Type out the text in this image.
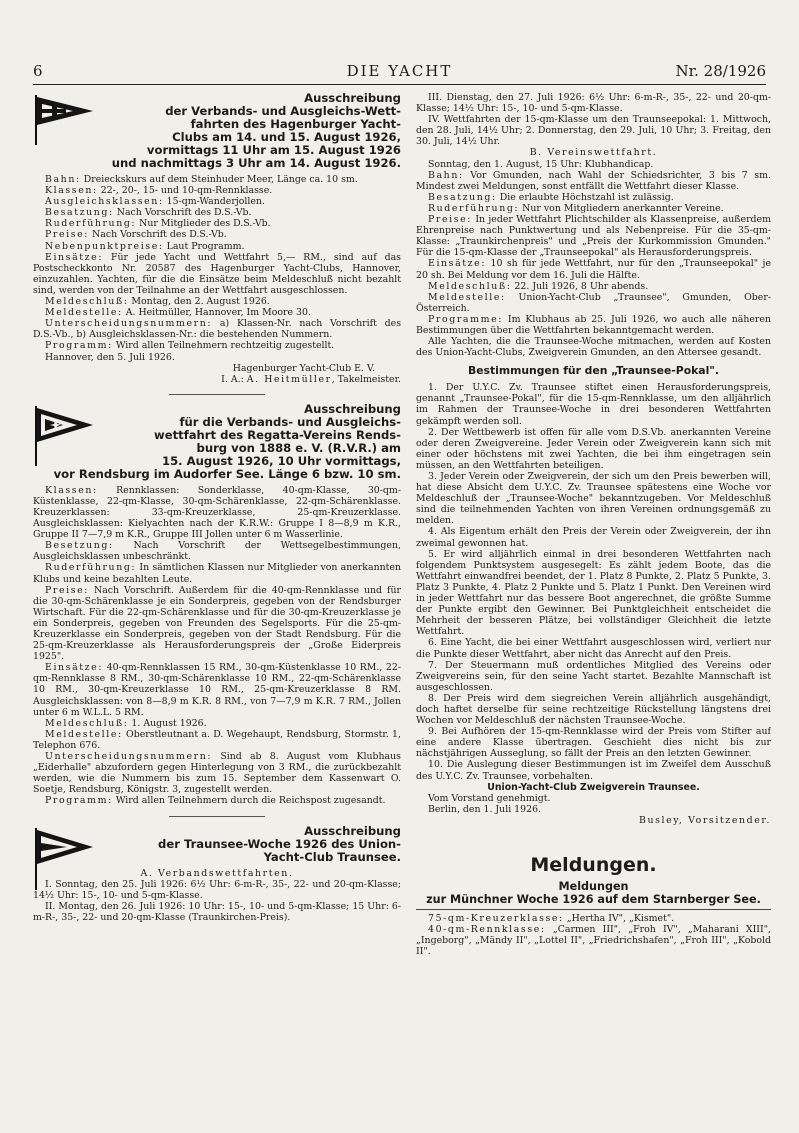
6	DIE YACHT	Nr. 28/1926
Ausschreibung
der Verbands- und Ausgleichs-Wett-
fahrten des Hagenburger Yacht-
Clubs am 14. und 15. August 1926,
vormittags 11 Uhr am 15. August 1926
und nachmittags 3 Uhr am 14. August 1926.

Bahn: Dreieckskurs auf dem Steinhuder Meer, Länge ca. 10 sm.

Klassen: 22-, 20-, 15- und 10-qm-Rennklasse.

Ausgleichsklassen: 15-qm-Wanderjollen.

Besatzung: Nach Vorschrift des D.S.-Vb.

Ruderführung: Nur Mitglieder des D.S.-Vb.

Preise: Nach Vorschrift des D.S.-Vb.

Nebenpunktpreise: Laut Programm.

Einsätze: Für jede Yacht und Wettfahrt 5,— RM., sind auf das Postscheckkonto Nr. 20587 des Hagenburger Yacht-Clubs, Hannover, einzuzahlen. Yachten, für die die Einsätze beim Meldeschluß nicht bezahlt sind, werden von der Teilnahme an der Wettfahrt ausgeschlossen.

Meldeschluß: Montag, den 2. August 1926.

Meldestelle: A. Heitmüller, Hannover, Im Moore 30.

Unterscheidungsnummern: a) Klassen-Nr. nach Vorschrift des D.S.-Vb., b) Ausgleichsklassen-Nr.: die bestehenden Nummern.

Programm: Wird allen Teilnehmern rechtzeitig zugestellt.

Hannover, den 5. Juli 1926.

Hagenburger Yacht-Club E. V.

I. A.: A. Heitmüller, Takelmeister.

Ausschreibung
für die Verbands- und Ausgleichs-
wettfahrt des Regatta-Vereins Rends-
burg von 1888 e. V. (R.V.R.) am
15. August 1926, 10 Uhr vormittags,
vor Rendsburg im Audorfer See. Länge 6 bzw. 10 sm.

Klassen: Rennklassen: Sonderklasse, 40-qm-Klasse, 30-qm-Küstenklasse, 22-qm-Klasse, 30-qm-Schärenklasse, 22-qm-Schärenklasse. Kreuzerklassen: 33-qm-Kreuzerklasse, 25-qm-Kreuzerklasse. Ausgleichsklassen: Kielyachten nach der K.R.W.: Gruppe I 8—8,9 m K.R., Gruppe II 7—7,9 m K.R., Gruppe III Jollen unter 6 m Wasserlinie.

Besetzung: Nach Vorschrift der Wettsegelbestimmungen, Ausgleichsklassen unbeschränkt.

Ruderführung: In sämtlichen Klassen nur Mitglieder von anerkannten Klubs und keine bezahlten Leute.

Preise: Nach Vorschrift. Außerdem für die 40-qm-Rennklasse und für die 30-qm-Schärenklasse je ein Sonderpreis, gegeben von der Rendsburger Wirtschaft. Für die 22-qm-Schärenklasse und für die 30-qm-Kreuzerklasse je ein Sonderpreis, gegeben von Freunden des Segelsports. Für die 25-qm-Kreuzerklasse ein Sonderpreis, gegeben von der Stadt Rendsburg. Für die 25-qm-Kreuzerklasse als Herausforderungspreis der „Große Eiderpreis 1925".

Einsätze: 40-qm-Rennklassen 15 RM., 30-qm-Küstenklasse 10 RM., 22-qm-Rennklasse 8 RM., 30-qm-Schärenklasse 10 RM., 22-qm-Schärenklasse 10 RM., 30-qm-Kreuzerklasse 10 RM., 25-qm-Kreuzerklasse 8 RM. Ausgleichsklassen: von 8—8,9 m K.R. 8 RM., von 7—7,9 m K.R. 7 RM., Jollen unter 6 m W.L.L. 5 RM.

Meldeschluß: 1. August 1926.

Meldestelle: Oberstleutnant a. D. Wegehaupt, Rendsburg, Stormstr. 1, Telephon 676.

Unterscheidungsnummern: Sind ab 8. August vom Klubhaus „Eiderhalle" abzufordern gegen Hinterlegung von 3 RM., die zurückbezahlt werden, wie die Nummern bis zum 15. September dem Kassenwart O. Soetje, Rendsburg, Königstr. 3, zugestellt werden.

Programm: Wird allen Teilnehmern durch die Reichspost zugesandt.

Ausschreibung
der Traunsee-Woche 1926 des Union-
Yacht-Club Traunsee.

A. Verbandswettfahrten.

I. Sonntag, den 25. Juli 1926: 6½ Uhr: 6-m-R-, 35-, 22- und 20-qm-Klasse; 14½ Uhr: 15-, 10- und 5-qm-Klasse.

II. Montag, den 26. Juli 1926: 10 Uhr: 15-, 10- und 5-qm-Klasse; 15 Uhr: 6-m-R-, 35-, 22- und 20-qm-Klasse (Traunkirchen-Preis).

III. Dienstag, den 27. Juli 1926: 6½ Uhr: 6-m-R-, 35-, 22- und 20-qm-Klasse; 14½ Uhr: 15-, 10- und 5-qm-Klasse.

IV. Wettfahrten der 15-qm-Klasse um den Traunseepokal: 1. Mittwoch, den 28. Juli, 14½ Uhr; 2. Donnerstag, den 29. Juli, 10 Uhr; 3. Freitag, den 30. Juli, 14½ Uhr.

B. Vereinswettfahrt.

Sonntag, den 1. August, 15 Uhr: Klubhandicap.

Bahn: Vor Gmunden, nach Wahl der Schiedsrichter, 3 bis 7 sm. Mindest zwei Meldungen, sonst entfällt die Wettfahrt dieser Klasse.

Besatzung: Die erlaubte Höchstzahl ist zulässig.

Ruderführung: Nur von Mitgliedern anerkannter Vereine.

Preise: In jeder Wettfahrt Plichtschilder als Klassenpreise, außerdem Ehrenpreise nach Punktwertung und als Nebenpreise. Für die 35-qm-Klasse: „Traunkirchenpreis" und „Preis der Kurkommission Gmunden." Für die 15-qm-Klasse der „Traunseepokal" als Herausforderungspreis.

Einsätze: 10 sh für jede Wettfahrt, nur für den „Traunseepokal" je 20 sh. Bei Meldung vor dem 16. Juli die Hälfte.

Meldeschluß: 22. Juli 1926, 8 Uhr abends.

Meldestelle: Union-Yacht-Club „Traunsee", Gmunden, Ober-Österreich.

Programme: Im Klubhaus ab 25. Juli 1926, wo auch alle näheren Bestimmungen über die Wettfahrten bekanntgemacht werden.

Alle Yachten, die die Traunsee-Woche mitmachen, werden auf Kosten des Union-Yacht-Clubs, Zweigverein Gmunden, an den Attersee gesandt.

Bestimmungen für den „Traunsee-Pokal".

1. Der U.Y.C. Zv. Traunsee stiftet einen Herausforderungspreis, genannt „Traunsee-Pokal", für die 15-qm-Rennklasse, um den alljährlich im Rahmen der Traunsee-Woche in drei besonderen Wettfahrten gekämpft werden soll.

2. Der Wettbewerb ist offen für alle vom D.S.Vb. anerkannten Vereine oder deren Zweigvereine. Jeder Verein oder Zweigverein kann sich mit einer oder höchstens mit zwei Yachten, die bei ihm eingetragen sein müssen, an den Wettfahrten beteiligen.

3. Jeder Verein oder Zweigverein, der sich um den Preis bewerben will, hat diese Absicht dem U.Y.C. Zv. Traunsee spätestens eine Woche vor Meldeschluß der „Traunsee-Woche" bekanntzugeben. Vor Meldeschluß sind die teilnehmenden Yachten von ihren Vereinen ordnungsgemäß zu melden.

4. Als Eigentum erhält den Preis der Verein oder Zweigverein, der ihn zweimal gewonnen hat.

5. Er wird alljährlich einmal in drei besonderen Wettfahrten nach folgendem Punktsystem ausgesegelt: Es zählt jedem Boote, das die Wettfahrt einwandfrei beendet, der 1. Platz 8 Punkte, 2. Platz 5 Punkte, 3. Platz 3 Punkte, 4. Platz 2 Punkte und 5. Platz 1 Punkt. Den Vereinen wird in jeder Wettfahrt nur das bessere Boot angerechnet, die größte Summe der Punkte ergibt den Gewinner. Bei Punktgleichheit entscheidet die Mehrheit der besseren Plätze, bei vollständiger Gleichheit die letzte Wettfahrt.

6. Eine Yacht, die bei einer Wettfahrt ausgeschlossen wird, verliert nur die Punkte dieser Wettfahrt, aber nicht das Anrecht auf den Preis.

7. Der Steuermann muß ordentliches Mitglied des Vereins oder Zweigvereins sein, für den seine Yacht startet. Bezahlte Mannschaft ist ausgeschlossen.

8. Der Preis wird dem siegreichen Verein alljährlich ausgehändigt, doch haftet derselbe für seine rechtzeitige Rückstellung längstens drei Wochen vor Meldeschluß der nächsten Traunsee-Woche.

9. Bei Aufhören der 15-qm-Rennklasse wird der Preis vom Stifter auf eine andere Klasse übertragen. Geschieht dies nicht bis zur nächstjährigen Ausseglung, so fällt der Preis an den letzten Gewinner.

10. Die Auslegung dieser Bestimmungen ist im Zweifel dem Ausschuß des U.Y.C. Zv. Traunsee, vorbehalten.

Union-Yacht-Club Zweigverein Traunsee.

Vom Vorstand genehmigt.

Berlin, den 1. Juli 1926.

Busley, Vorsitzender.

Meldungen.
Meldungen
zur Münchner Woche 1926 auf dem Starnberger See.

75-qm-Kreuzerklasse: „Hertha IV", „Kismet".

40-qm-Rennklasse: „Carmen III", „Froh IV", „Maharani XIII", „Ingeborg", „Mändy II", „Lottel II", „Friedrichshafen", „Froh III", „Kobold II".
